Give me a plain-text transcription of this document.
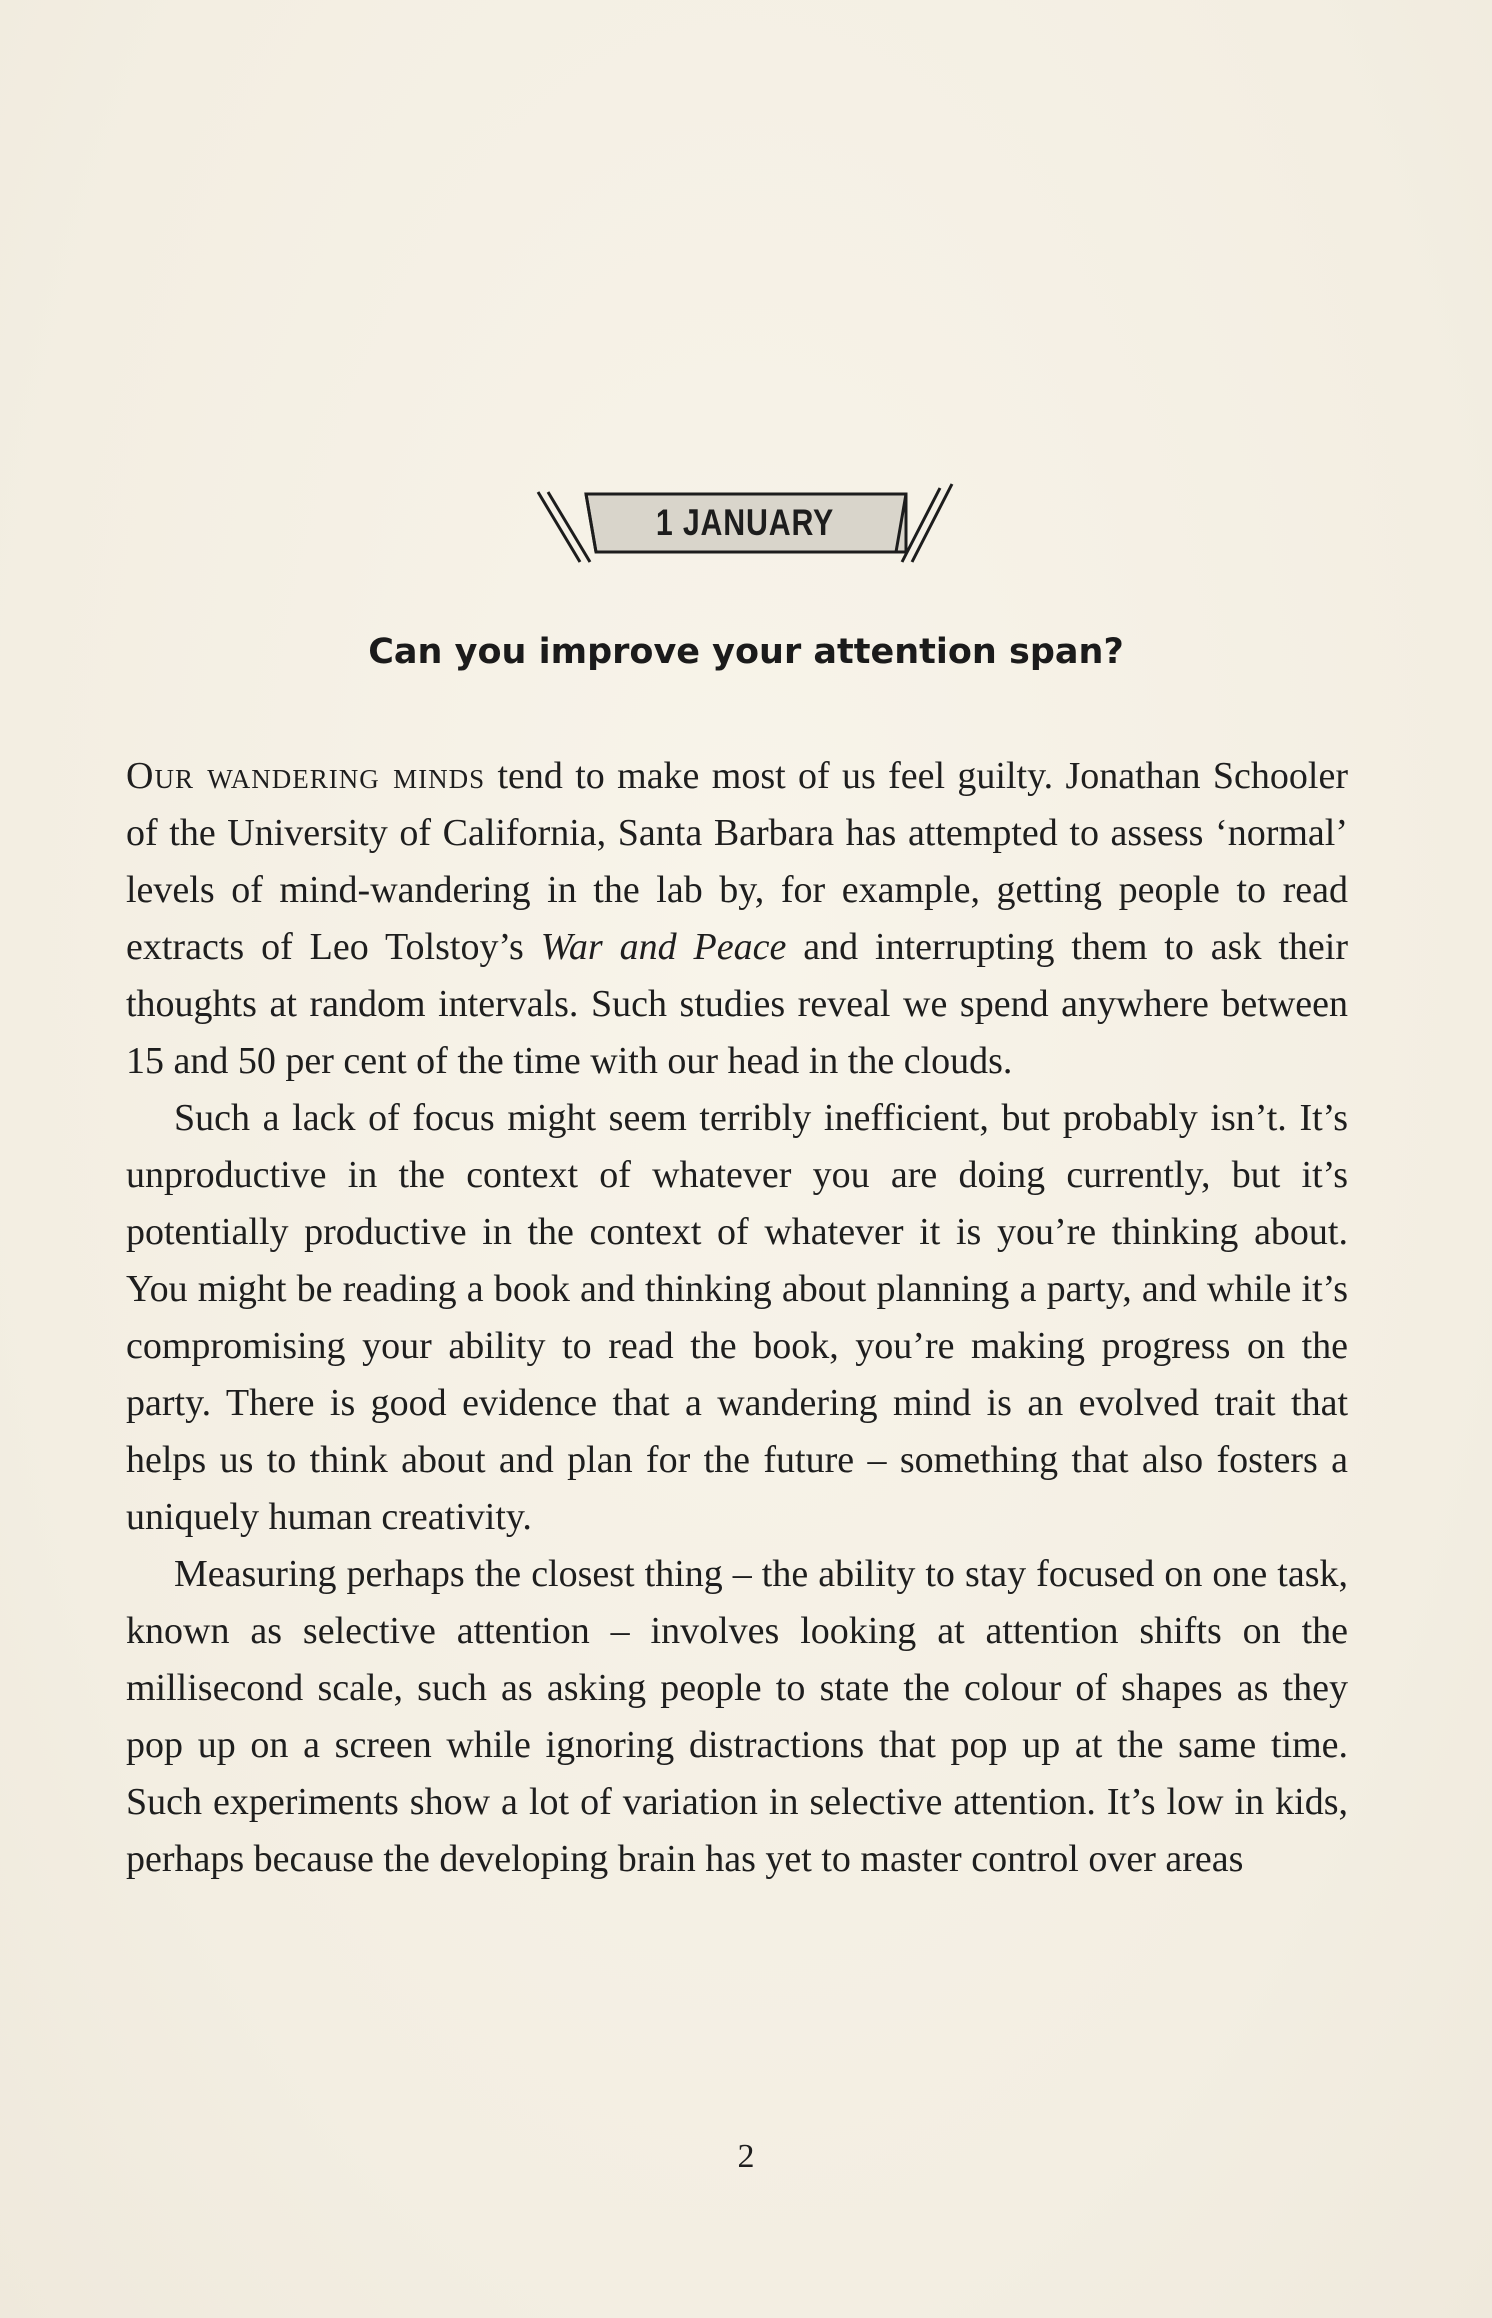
1 JANUARY
Can you improve your attention span?

Our wandering minds tend to make most of us feel guilty. Jonathan Schooler of the University of California, Santa Barbara has attempted to assess ‘normal’ levels of mind-wandering in the lab by, for example, getting people to read extracts of Leo Tolstoy’s War and Peace and interrupting them to ask their thoughts at random intervals. Such studies reveal we spend anywhere between 15 and 50 per cent of the time with our head in the clouds.

Such a lack of focus might seem terribly inefficient, but probably isn’t. It’s unproductive in the context of whatever you are doing currently, but it’s potentially productive in the context of whatever it is you’re thinking about. You might be reading a book and thinking about planning a party, and while it’s compromising your ability to read the book, you’re making progress on the party. There is good evidence that a wandering mind is an evolved trait that helps us to think about and plan for the future – something that also fosters a uniquely human creativity.

Measuring perhaps the closest thing – the ability to stay focused on one task, known as selective attention – involves looking at attention shifts on the millisecond scale, such as asking people to state the colour of shapes as they pop up on a screen while ignoring distractions that pop up at the same time. Such experiments show a lot of variation in selective attention. It’s low in kids, perhaps because the developing brain has yet to master control over areas

2
